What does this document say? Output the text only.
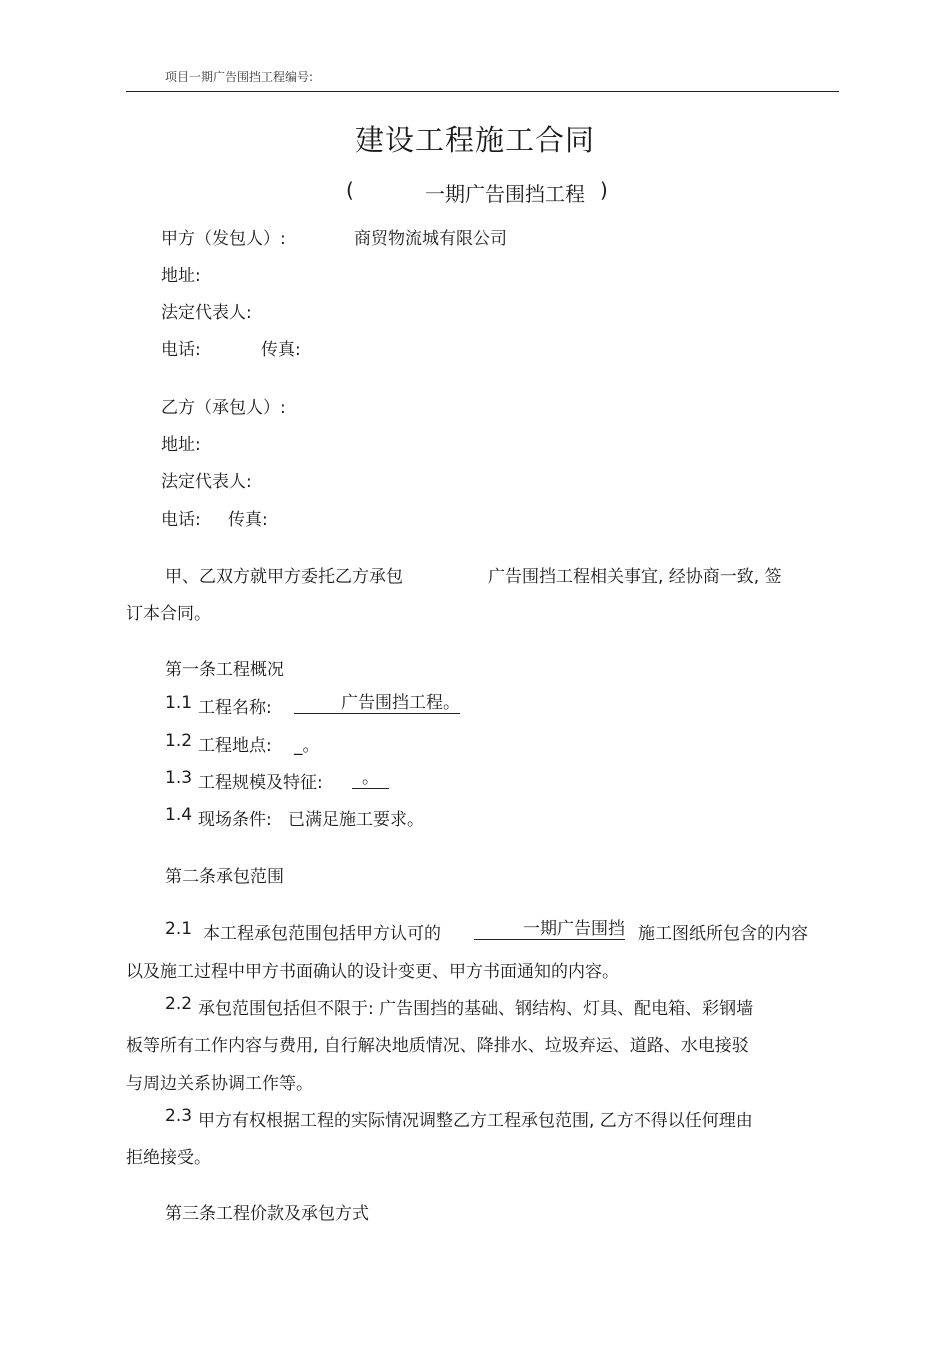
项目一期广告围挡工程编号:
建设工程施工合同
(	一期广告围挡工程 )
甲方（发包人）:	商贸物流城有限公司
地址:
法定代表人:
电话:	传真:
乙方（承包人）:
地址:
法定代表人:
电话: 传真:
甲、乙双方就甲方委托乙方承包	广告围挡工程相关事宜, 经协商一致, 签
订本合同。
第一条工程概况
1.1 工程名称:	广告围挡工程。
1.2 工程地点: _。
1.3 工程规模及特征:	。
1.4 现场条件: 已满足施工要求。
第二条承包范围
2.1 本工程承包范围包括甲方认可的	一期广告围挡 施工图纸所包含的内容
以及施工过程中甲方书面确认的设计变更、甲方书面通知的内容。
2.2 承包范围包括但不限于: 广告围挡的基础、钢结构、灯具、配电箱、彩钢墙
板等所有工作内容与费用, 自行解决地质情况、降排水、垃圾弃运、道路、水电接驳
与周边关系协调工作等。
2.3 甲方有权根据工程的实际情况调整乙方工程承包范围, 乙方不得以任何理由
拒绝接受。
第三条工程价款及承包方式
